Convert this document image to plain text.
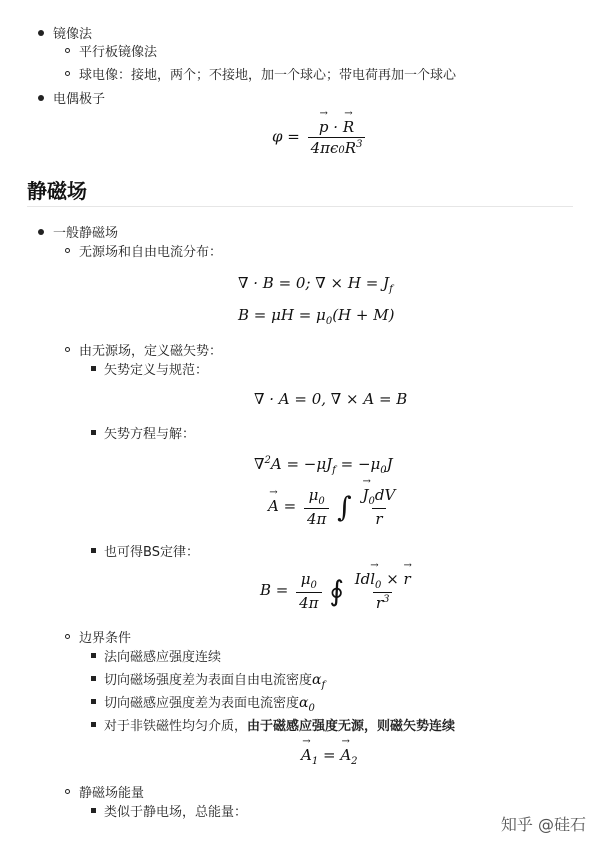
镜像法
平行板镜像法
球电像：接地，两个；不接地，加一个球心；带电荷再加一个球心
电偶极子
$\varphi = \frac{p \to \cdot R \to}{4\pi\epsilon 0R^3}$
静磁场
一般静磁场
无源场和自由电流分布：
∇ · B = 0; ∇ × $H = J_f$
$B = \mu H = \mu_0(H + M)$
由无源场，定义磁矢势：
矢势定义与规范：
∇ · A = 0, ∇ × A = B
矢势方程与解：
$\nabla^2A = -\mu J_f = -\mu_0J$
A → = $\frac{\mu_0}{4\pi}$ ∫ $\frac{J \to_0dV}{r}$
也可得BS定律：
$B = \frac{\mu_0}{4\pi}$ ∮ $\frac{Idl \to_0 \times r \to}{r^3}$
边界条件
法向磁感应强度连续
切向磁场强度差为表面自由电流密度$\alpha_f$
切向磁感应强度差为表面电流密度$\alpha_0$
对于非铁磁性均匀介质，由于磁感应强度无源，则磁矢势连续
$A \to_1 = A \to_2$
静磁场能量
类似于静电场，总能量：
知乎 @硅石
